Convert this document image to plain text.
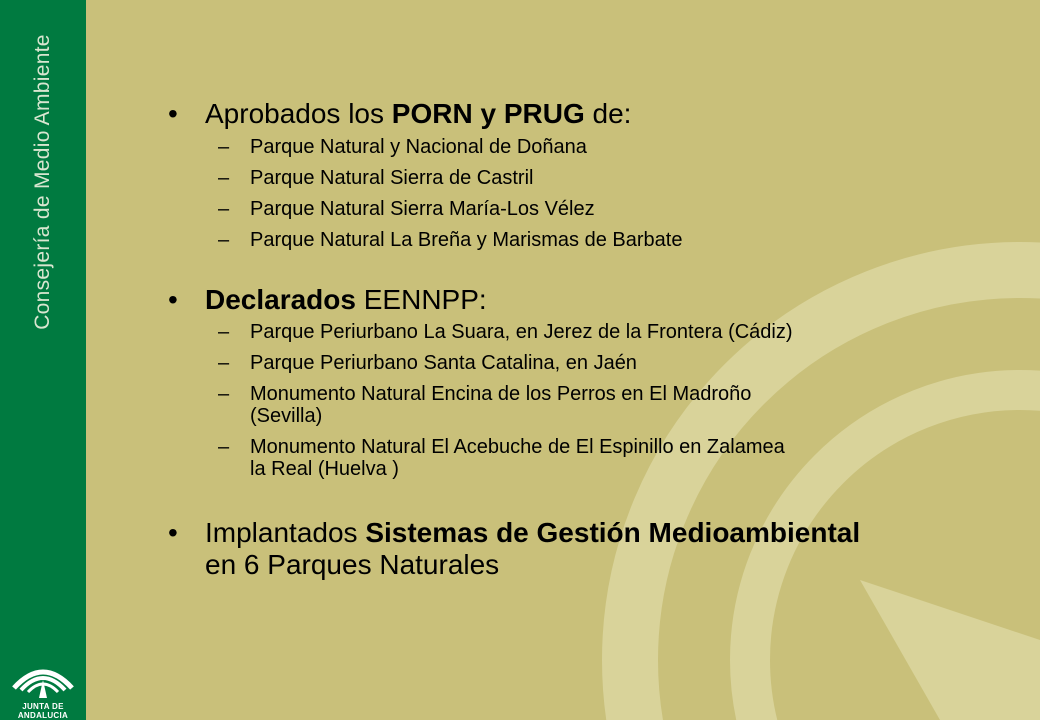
Consejería de Medio Ambiente
JUNTA DE ANDALUCIA
• Aprobados los PORN y PRUG de:
– Parque Natural y Nacional de Doñana
– Parque Natural Sierra de Castril
– Parque Natural Sierra María-Los Vélez
– Parque Natural La Breña y Marismas de Barbate
• Declarados EENNPP:
– Parque Periurbano La Suara, en Jerez de la Frontera (Cádiz)
– Parque Periurbano Santa Catalina, en Jaén
– Monumento Natural Encina de los Perros en El Madroño
(Sevilla)
– Monumento Natural El Acebuche de El Espinillo en Zalamea
la Real (Huelva )
• Implantados Sistemas de Gestión Medioambiental
en 6 Parques Naturales
